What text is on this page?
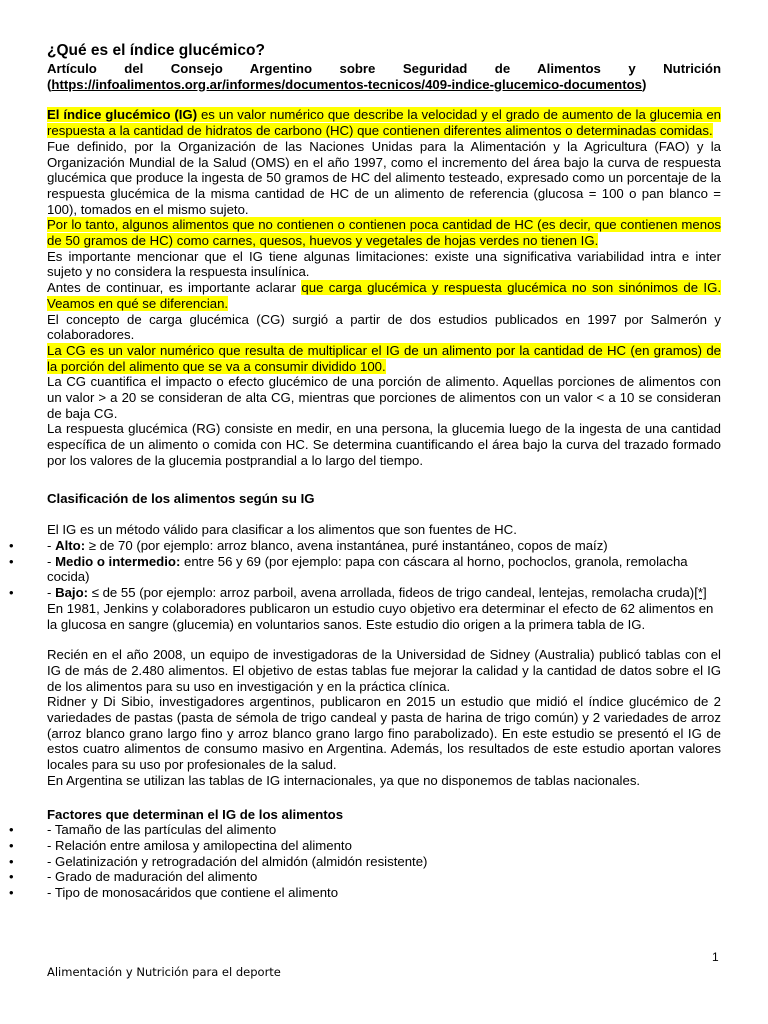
¿Qué es el índice glucémico?
Artículo del Consejo Argentino sobre Seguridad de Alimentos y Nutrición
(https://infoalimentos.org.ar/informes/documentos-tecnicos/409-indice-glucemico-documentos)

El índice glucémico (IG) es un valor numérico que describe la velocidad y el grado de aumento de la glucemia en respuesta a la cantidad de hidratos de carbono (HC) que contienen diferentes alimentos o determinadas comidas.

Fue definido, por la Organización de las Naciones Unidas para la Alimentación y la Agricultura (FAO) y la Organización Mundial de la Salud (OMS) en el año 1997, como el incremento del área bajo la curva de respuesta glucémica que produce la ingesta de 50 gramos de HC del alimento testeado, expresado como un porcentaje de la respuesta glucémica de la misma cantidad de HC de un alimento de referencia (glucosa = 100 o pan blanco = 100), tomados en el mismo sujeto.

Por lo tanto, algunos alimentos que no contienen o contienen poca cantidad de HC (es decir, que contienen menos de 50 gramos de HC) como carnes, quesos, huevos y vegetales de hojas verdes no tienen IG.

Es importante mencionar que el IG tiene algunas limitaciones: existe una significativa variabilidad intra e inter sujeto y no considera la respuesta insulínica.

Antes de continuar, es importante aclarar que carga glucémica y respuesta glucémica no son sinónimos de IG. Veamos en qué se diferencian.

El concepto de carga glucémica (CG) surgió a partir de dos estudios publicados en 1997 por Salmerón y colaboradores.

La CG es un valor numérico que resulta de multiplicar el IG de un alimento por la cantidad de HC (en gramos) de la porción del alimento que se va a consumir dividido 100.

La CG cuantifica el impacto o efecto glucémico de una porción de alimento. Aquellas porciones de alimentos con un valor > a 20 se consideran de alta CG, mientras que porciones de alimentos con un valor < a 10 se consideran de baja CG.

La respuesta glucémica (RG) consiste en medir, en una persona, la glucemia luego de la ingesta de una cantidad específica de un alimento o comida con HC. Se determina cuantificando el área bajo la curva del trazado formado por los valores de la glucemia postprandial a lo largo del tiempo.

Clasificación de los alimentos según su IG

El IG es un método válido para clasificar a los alimentos que son fuentes de HC.

• - Alto: ≥ de 70 (por ejemplo: arroz blanco, avena instantánea, puré instantáneo, copos de maíz)
• - Medio o intermedio: entre 56 y 69 (por ejemplo: papa con cáscara al horno, pochoclos, granola, remolacha cocida)
• - Bajo: ≤ de 55 (por ejemplo: arroz parboil, avena arrollada, fideos de trigo candeal, lentejas, remolacha cruda)[*]

En 1981, Jenkins y colaboradores publicaron un estudio cuyo objetivo era determinar el efecto de 62 alimentos en la glucosa en sangre (glucemia) en voluntarios sanos. Este estudio dio origen a la primera tabla de IG.

Recién en el año 2008, un equipo de investigadoras de la Universidad de Sidney (Australia) publicó tablas con el IG de más de 2.480 alimentos. El objetivo de estas tablas fue mejorar la calidad y la cantidad de datos sobre el IG de los alimentos para su uso en investigación y en la práctica clínica.

Ridner y Di Sibio, investigadores argentinos, publicaron en 2015 un estudio que midió el índice glucémico de 2 variedades de pastas (pasta de sémola de trigo candeal y pasta de harina de trigo común) y 2 variedades de arroz (arroz blanco grano largo fino y arroz blanco grano largo fino parabolizado). En este estudio se presentó el IG de estos cuatro alimentos de consumo masivo en Argentina. Además, los resultados de este estudio aportan valores locales para su uso por profesionales de la salud.

En Argentina se utilizan las tablas de IG internacionales, ya que no disponemos de tablas nacionales.

Factores que determinan el IG de los alimentos
• - Tamaño de las partículas del alimento
• - Relación entre amilosa y amilopectina del alimento
• - Gelatinización y retrogradación del almidón (almidón resistente)
• - Grado de maduración del alimento
• - Tipo de monosacáridos que contiene el alimento
1
Alimentación y Nutrición para el deporte
